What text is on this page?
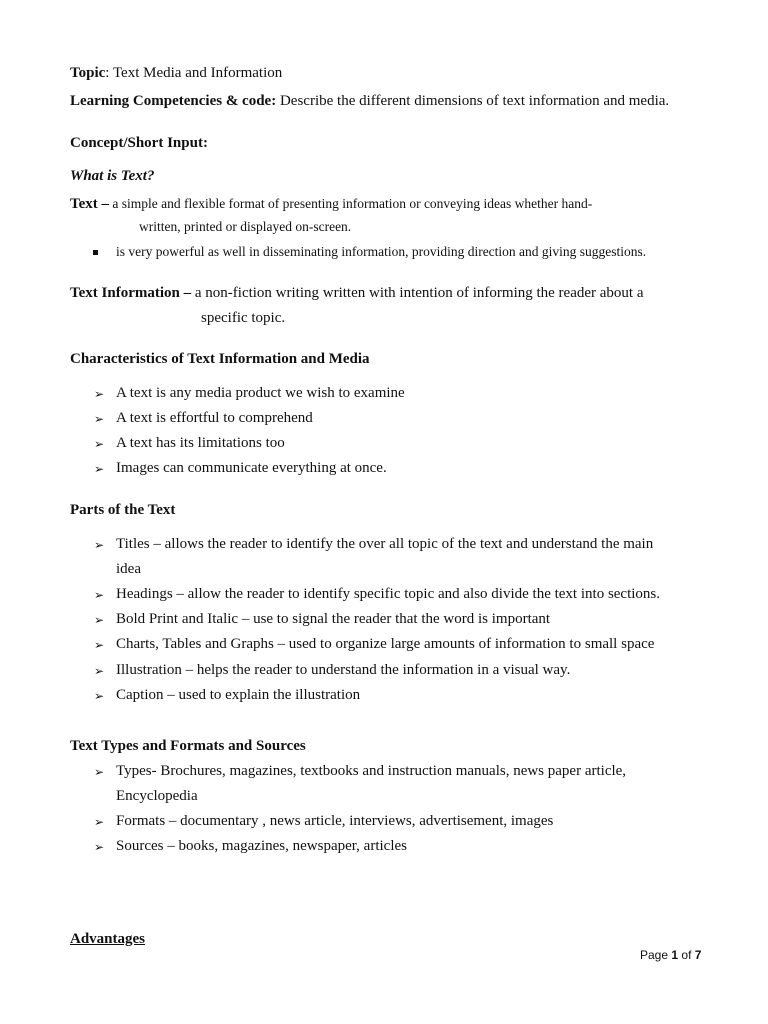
Topic: Text Media and Information
Learning Competencies & code: Describe the different dimensions of text information and media.
Concept/Short Input:
What is Text?
Text – a simple and flexible format of presenting information or conveying ideas whether hand-
written, printed or displayed on-screen.
is very powerful as well in disseminating information, providing direction and giving suggestions.
Text Information – a non-fiction writing written with intention of informing the reader about a
specific topic.
Characteristics of Text Information and Media
➢ A text is any media product we wish to examine
➢ A text is effortful to comprehend
➢ A text has its limitations too
➢ Images can communicate everything at once.
Parts of the Text
➢ Titles – allows the reader to identify the over all topic of the text and understand the main
idea
➢ Headings – allow the reader to identify specific topic and also divide the text into sections.
➢ Bold Print and Italic – use to signal the reader that the word is important
➢ Charts, Tables and Graphs – used to organize large amounts of information to small space
➢ Illustration – helps the reader to understand the information in a visual way.
➢ Caption – used to explain the illustration
Text Types and Formats and Sources
➢ Types- Brochures, magazines, textbooks and instruction manuals, news paper article,
Encyclopedia
➢ Formats – documentary , news article, interviews, advertisement, images
➢ Sources – books, magazines, newspaper, articles
Advantages
Page 1 of 7
